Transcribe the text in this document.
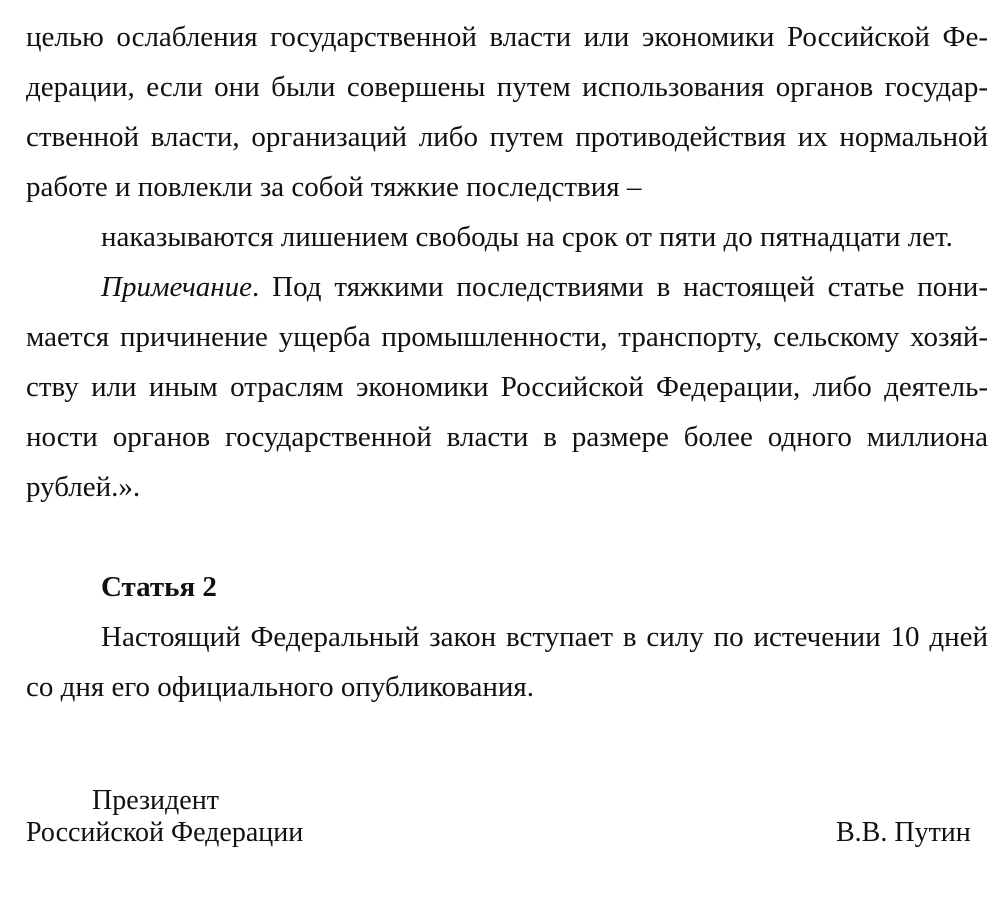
целью ослабления государственной власти или экономики Российской Фе-
дерации, если они были совершены путем использования органов государ-
ственной власти, организаций либо путем противодействия их нормальной
работе и повлекли за собой тяжкие последствия –
наказываются лишением свободы на срок от пяти до пятнадцати лет.
Примечание. Под тяжкими последствиями в настоящей статье пони-
мается причинение ущерба промышленности, транспорту, сельскому хозяй-
ству или иным отраслям экономики Российской Федерации, либо деятель-
ности органов государственной власти в размере более одного миллиона
рублей.».
Статья 2
Настоящий Федеральный закон вступает в силу по истечении 10 дней
со дня его официального опубликования.
Президент
Российской Федерации	В.В. Путин
